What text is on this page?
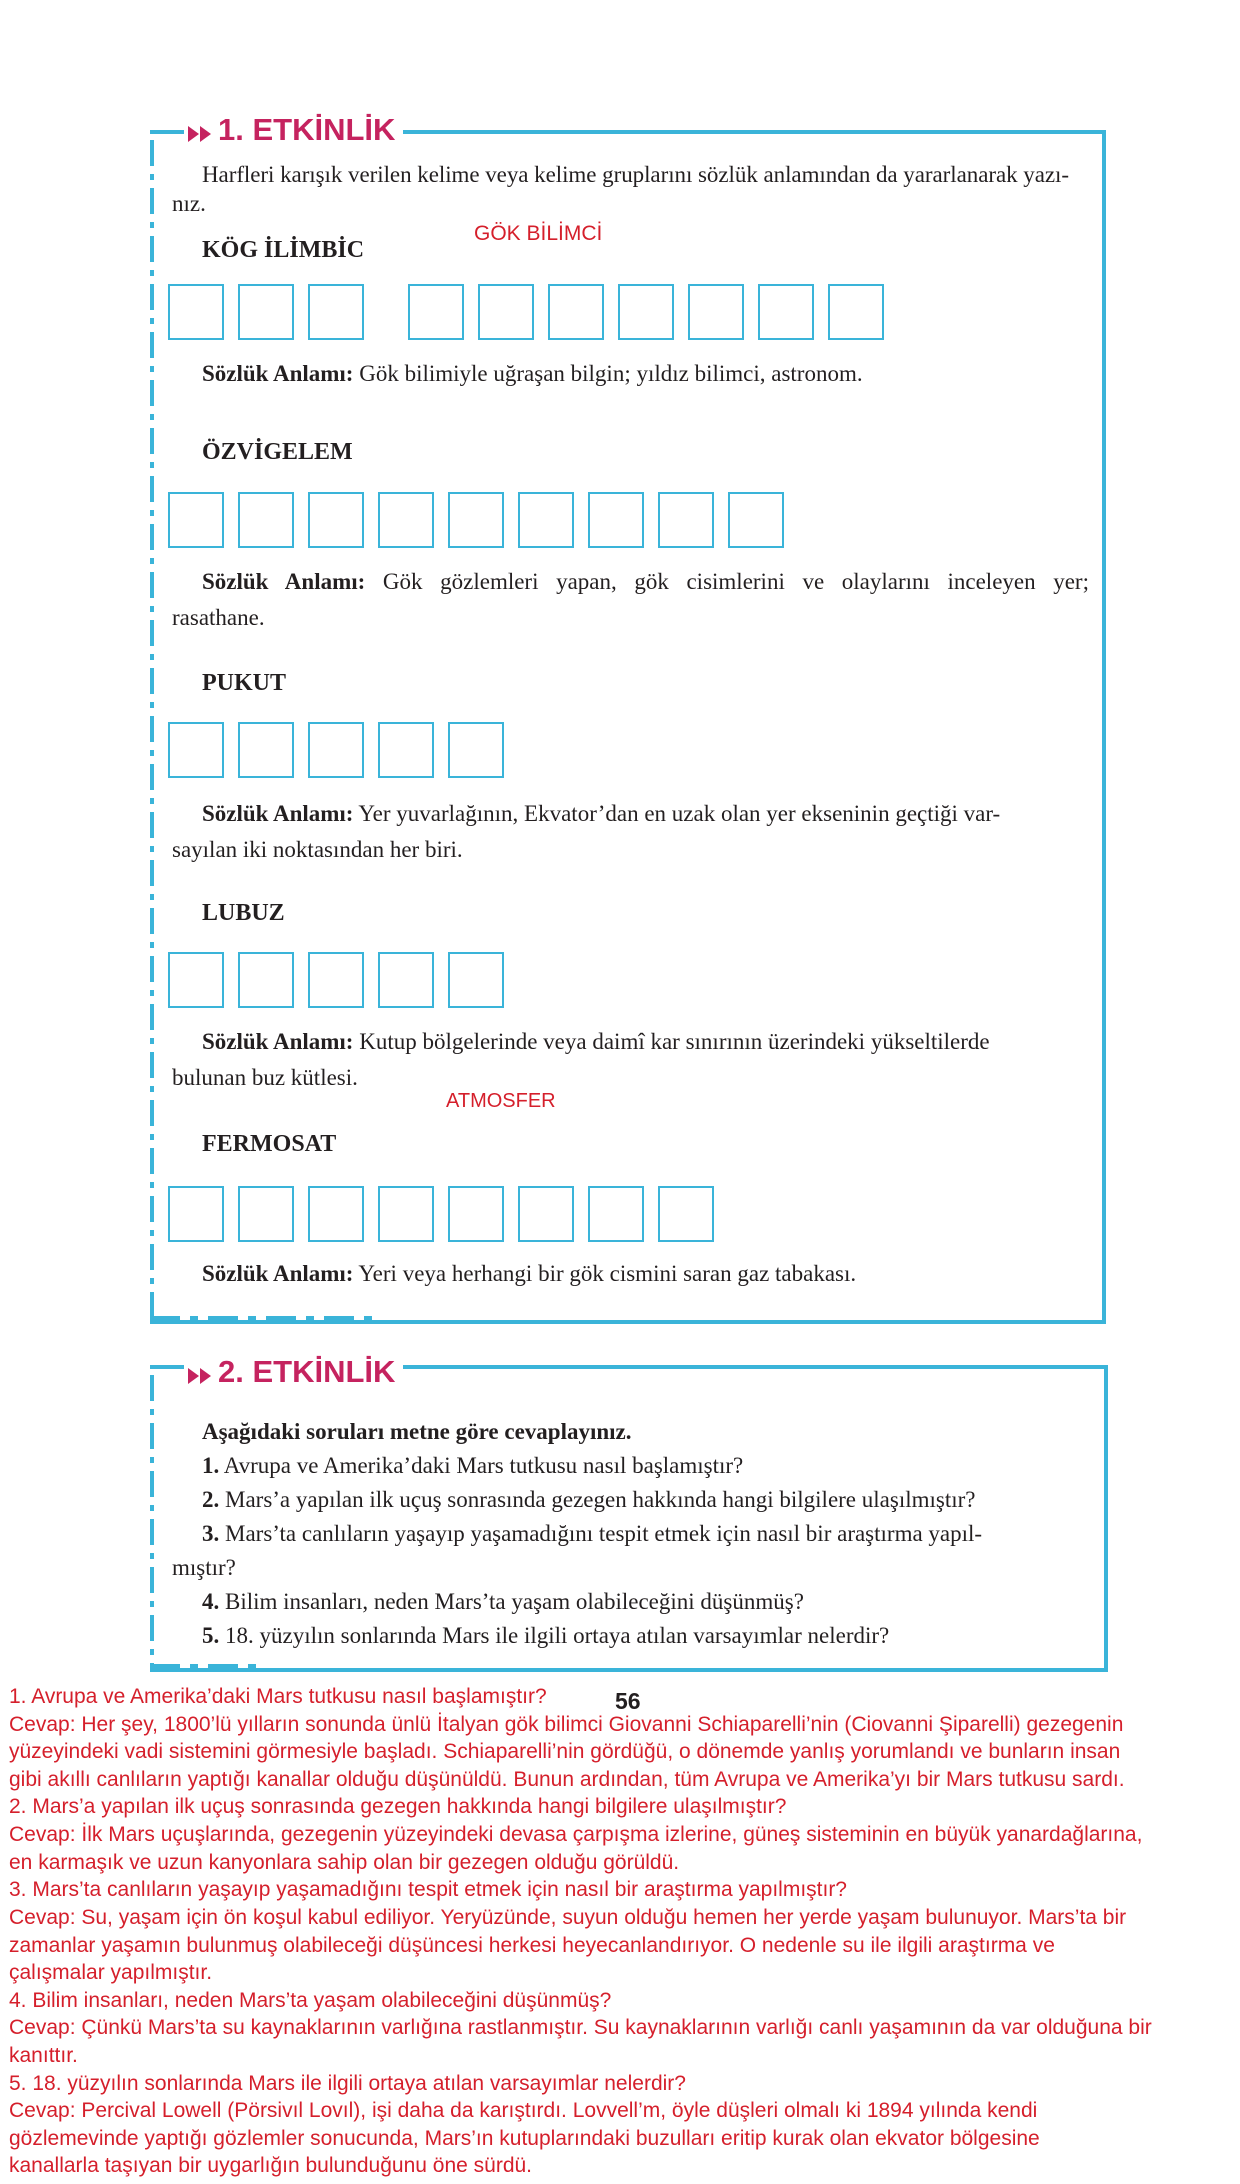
1. ETKİNLİK
Harfleri karışık verilen kelime veya kelime gruplarını sözlük anlamından da yararlanarak yazı-
nız.
KÖG İLİMBİC
GÖK BİLİMCİ
Sözlük Anlamı: Gök bilimiyle uğraşan bilgin; yıldız bilimci, astronom.
ÖZVİGELEM
Sözlük Anlamı: Gök gözlemleri yapan, gök cisimlerini ve olaylarını inceleyen yer;
rasathane.
PUKUT
Sözlük Anlamı: Yer yuvarlağının, Ekvator’dan en uzak olan yer ekseninin geçtiği var-
sayılan iki noktasından her biri.
LUBUZ
Sözlük Anlamı: Kutup bölgelerinde veya daimî kar sınırının üzerindeki yükseltilerde
bulunan buz kütlesi.
ATMOSFER
FERMOSAT
Sözlük Anlamı: Yeri veya herhangi bir gök cismini saran gaz tabakası.
2. ETKİNLİK
Aşağıdaki soruları metne göre cevaplayınız.
1. Avrupa ve Amerika’daki Mars tutkusu nasıl başlamıştır?
2. Mars’a yapılan ilk uçuş sonrasında gezegen hakkında hangi bilgilere ulaşılmıştır?
3. Mars’ta canlıların yaşayıp yaşamadığını tespit etmek için nasıl bir araştırma yapıl-
mıştır?
4. Bilim insanları, neden Mars’ta yaşam olabileceğini düşünmüş?
5. 18. yüzyılın sonlarında Mars ile ilgili ortaya atılan varsayımlar nelerdir?
56
1. Avrupa ve Amerika’daki Mars tutkusu nasıl başlamıştır?
Cevap: Her şey, 1800’lü yılların sonunda ünlü İtalyan gök bilimci Giovanni Schiaparelli’nin (Ciovanni Şiparelli) gezegenin
yüzeyindeki vadi sistemini görmesiyle başladı. Schiaparelli’nin gördüğü, o dönemde yanlış yorumlandı ve bunların insan
gibi akıllı canlıların yaptığı kanallar olduğu düşünüldü. Bunun ardından, tüm Avrupa ve Amerika’yı bir Mars tutkusu sardı.
2. Mars’a yapılan ilk uçuş sonrasında gezegen hakkında hangi bilgilere ulaşılmıştır?
Cevap: İlk Mars uçuşlarında, gezegenin yüzeyindeki devasa çarpışma izlerine, güneş sisteminin en büyük yanardağlarına,
en karmaşık ve uzun kanyonlara sahip olan bir gezegen olduğu görüldü.
3. Mars’ta canlıların yaşayıp yaşamadığını tespit etmek için nasıl bir araştırma yapılmıştır?
Cevap: Su, yaşam için ön koşul kabul ediliyor. Yeryüzünde, suyun olduğu hemen her yerde yaşam bulunuyor. Mars’ta bir
zamanlar yaşamın bulunmuş olabileceği düşüncesi herkesi heyecanlandırıyor. O nedenle su ile ilgili araştırma ve
çalışmalar yapılmıştır.
4. Bilim insanları, neden Mars’ta yaşam olabileceğini düşünmüş?
Cevap: Çünkü Mars’ta su kaynaklarının varlığına rastlanmıştır. Su kaynaklarının varlığı canlı yaşamının da var olduğuna bir
kanıttır.
5. 18. yüzyılın sonlarında Mars ile ilgili ortaya atılan varsayımlar nelerdir?
Cevap: Percival Lowell (Pörsivıl Lovıl), işi daha da karıştırdı. Lovvell’m, öyle düşleri olmalı ki 1894 yılında kendi
gözlemevinde yaptığı gözlemler sonucunda, Mars’ın kutuplarındaki buzulları eritip kurak olan ekvator bölgesine
kanallarla taşıyan bir uygarlığın bulunduğunu öne sürdü.
